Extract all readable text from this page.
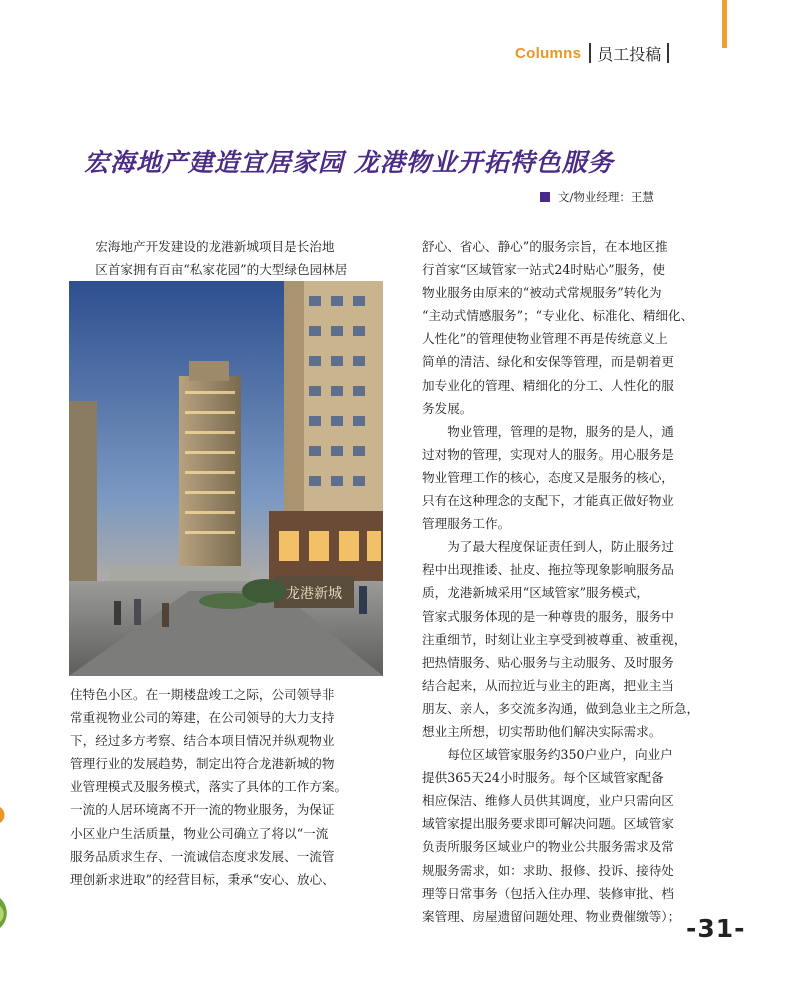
Columns 员工投稿
宏海地产建造宜居家园 龙港物业开拓特色服务
文/物业经理：王慧

宏海地产开发建设的龙港新城项目是长治地
区首家拥有百亩“私家花园”的大型绿色园林居

龙港新城

住特色小区。在一期楼盘竣工之际，公司领导非
常重视物业公司的筹建，在公司领导的大力支持
下，经过多方考察、结合本项目情况并纵观物业
管理行业的发展趋势，制定出符合龙港新城的物
业管理模式及服务模式，落实了具体的工作方案。
一流的人居环境离不开一流的物业服务，为保证
小区业户生活质量，物业公司确立了将以“一流
服务品质求生存、一流诚信态度求发展、一流管
理创新求进取”的经营目标，秉承“安心、放心、

舒心、省心、静心”的服务宗旨，在本地区推
行首家“区域管家一站式24时贴心”服务，使
物业服务由原来的“被动式常规服务”转化为
“主动式情感服务”；“专业化、标准化、精细化、
人性化”的管理使物业管理不再是传统意义上
简单的清洁、绿化和安保等管理，而是朝着更
加专业化的管理、精细化的分工、人性化的服
务发展。

物业管理，管理的是物，服务的是人，通
过对物的管理，实现对人的服务。用心服务是
物业管理工作的核心，态度又是服务的核心，
只有在这种理念的支配下，才能真正做好物业
管理服务工作。

为了最大程度保证责任到人，防止服务过
程中出现推诿、扯皮、拖拉等现象影响服务品
质，龙港新城采用“区域管家”服务模式，
管家式服务体现的是一种尊贵的服务，服务中
注重细节，时刻让业主享受到被尊重、被重视，
把热情服务、贴心服务与主动服务、及时服务
结合起来，从而拉近与业主的距离，把业主当
朋友、亲人，多交流多沟通，做到急业主之所急，
想业主所想，切实帮助他们解决实际需求。

每位区域管家服务约350户业户，向业户
提供365天24小时服务。每个区域管家配备
相应保洁、维修人员供其调度，业户只需向区
域管家提出服务要求即可解决问题。区域管家
负责所服务区域业户的物业公共服务需求及常
规服务需求，如：求助、报修、投诉、接待处
理等日常事务（包括入住办理、装修审批、档
案管理、房屋遗留问题处理、物业费催缴等）； -31-
